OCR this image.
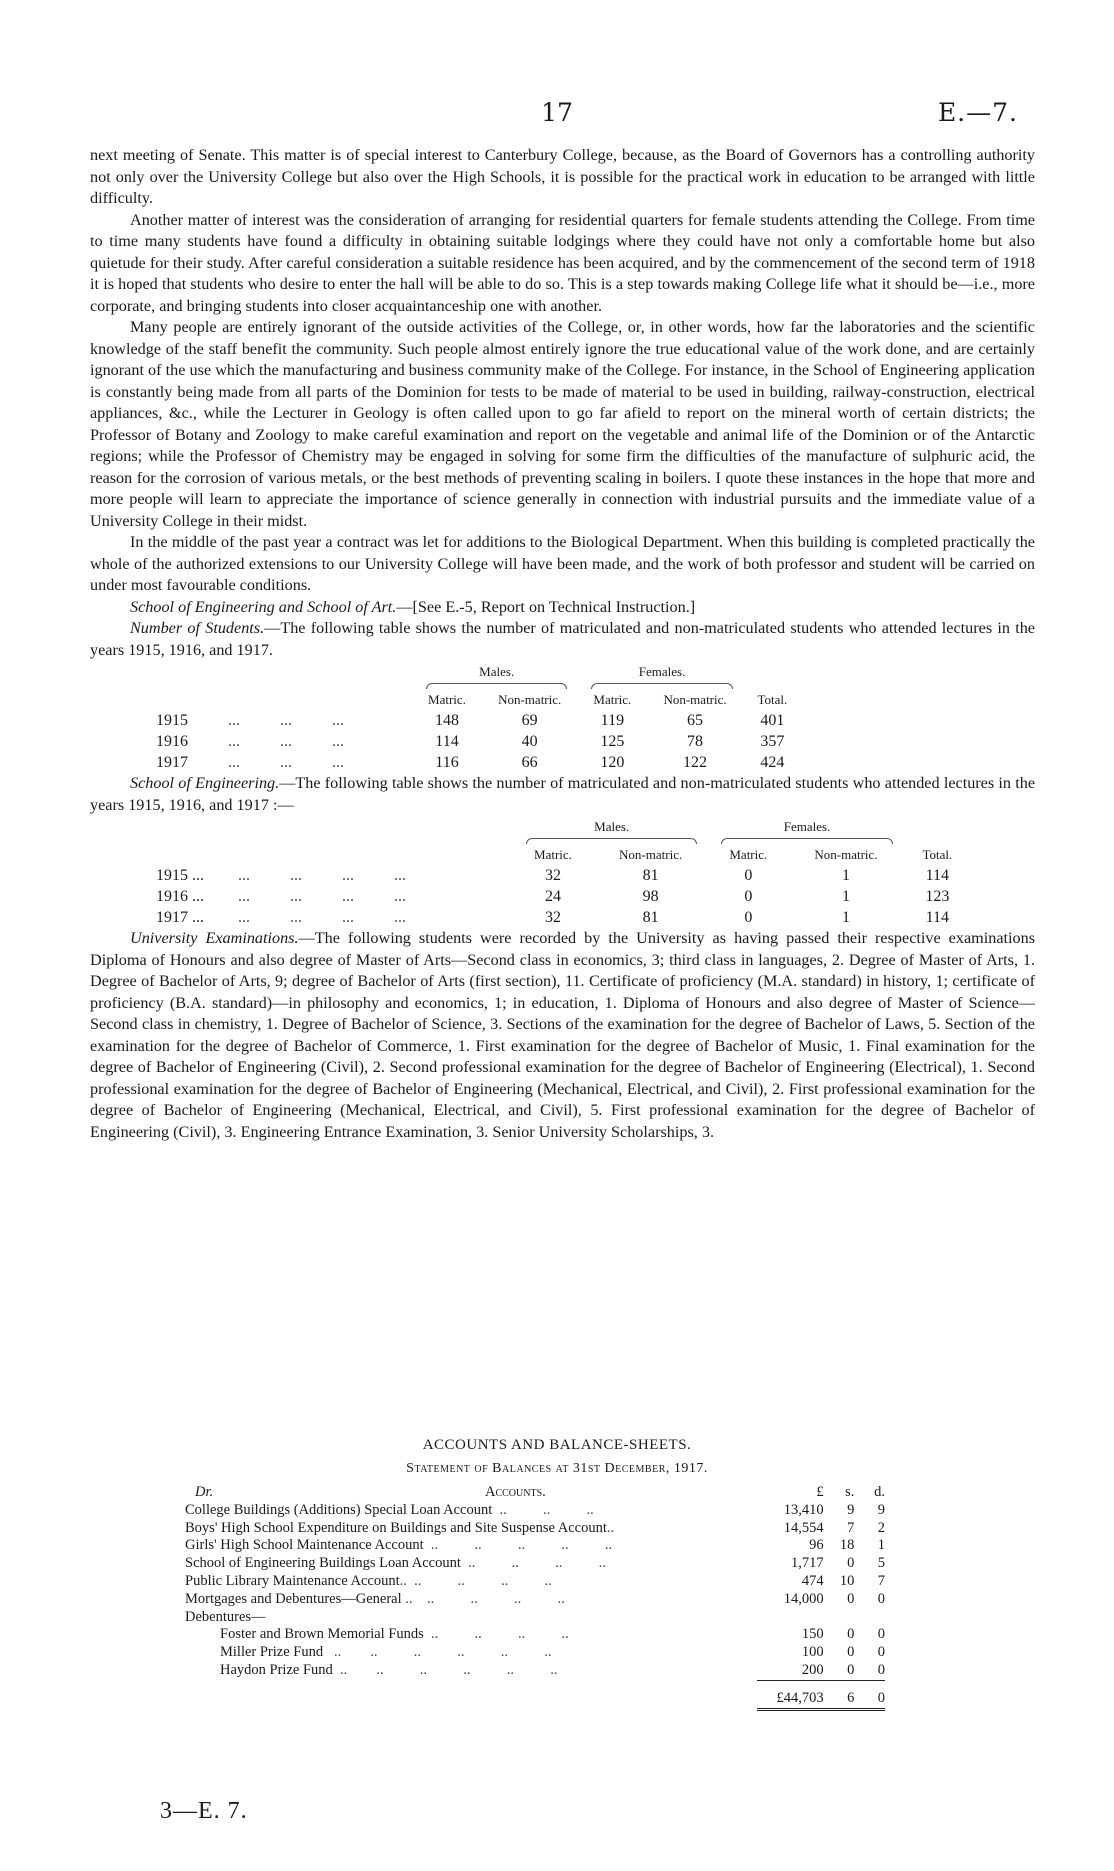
17	E.—7.

next meeting of Senate. This matter is of special interest to Canterbury College, because, as the Board of Governors has a controlling authority not only over the University College but also over the High Schools, it is possible for the practical work in education to be arranged with little difficulty.

Another matter of interest was the consideration of arranging for residential quarters for female students attending the College. From time to time many students have found a difficulty in obtaining suitable lodgings where they could have not only a comfortable home but also quietude for their study. After careful consideration a suitable residence has been acquired, and by the commencement of the second term of 1918 it is hoped that students who desire to enter the hall will be able to do so. This is a step towards making College life what it should be—i.e., more corporate, and bringing students into closer acquaintanceship one with another.

Many people are entirely ignorant of the outside activities of the College, or, in other words, how far the laboratories and the scientific knowledge of the staff benefit the community. Such people almost entirely ignore the true educational value of the work done, and are certainly ignorant of the use which the manufacturing and business community make of the College. For instance, in the School of Engineering application is constantly being made from all parts of the Dominion for tests to be made of material to be used in building, railway-construction, electrical appliances, &c., while the Lecturer in Geology is often called upon to go far afield to report on the mineral worth of certain districts; the Professor of Botany and Zoology to make careful examination and report on the vegetable and animal life of the Dominion or of the Antarctic regions; while the Professor of Chemistry may be engaged in solving for some firm the difficulties of the manufacture of sulphuric acid, the reason for the corrosion of various metals, or the best methods of preventing scaling in boilers. I quote these instances in the hope that more and more people will learn to appreciate the importance of science generally in connection with industrial pursuits and the immediate value of a University College in their midst.

In the middle of the past year a contract was let for additions to the Biological Department. When this building is completed practically the whole of the authorized extensions to our University College will have been made, and the work of both professor and student will be carried on under most favourable conditions.

School of Engineering and School of Art.—[See E.-5, Report on Technical Instruction.]

Number of Students.—The following table shows the number of matriculated and non-matriculated students who attended lectures in the years 1915, 1916, and 1917.

		Males.		Females.	

		Matric.	Non-matric.	Matric.	Non-matric.	Total.
1915	...          ...          ...	148	69	119	65	401
1916	...          ...          ...	114	40	125	78	357
1917	...          ...          ...	116	66	120	122	424

School of Engineering.—The following table shows the number of matriculated and non-matriculated students who attended lectures in the years 1915, 1916, and 1917 :—

		Males.		Females.	

		Matric.	Non-matric.	Matric.	Non-matric.	Total.
1915 ...	...          ...          ...          ...	32	81	0	1	114
1916 ...	...          ...          ...          ...	24	98	0	1	123
1917 ...	...          ...          ...          ...	32	81	0	1	114

University Examinations.—The following students were recorded by the University as having passed their respective examinations Diploma of Honours and also degree of Master of Arts—Second class in economics, 3; third class in languages, 2. Degree of Master of Arts, 1. Degree of Bachelor of Arts, 9; degree of Bachelor of Arts (first section), 11. Certificate of proficiency (M.A. standard) in history, 1; certificate of proficiency (B.A. standard)—in philosophy and economics, 1; in education, 1. Diploma of Honours and also degree of Master of Science—Second class in chemistry, 1. Degree of Bachelor of Science, 3. Sections of the examination for the degree of Bachelor of Laws, 5. Section of the examination for the degree of Bachelor of Commerce, 1. First examination for the degree of Bachelor of Music, 1. Final examination for the degree of Bachelor of Engineering (Civil), 2. Second professional examination for the degree of Bachelor of Engineering (Electrical), 1. Second professional examination for the degree of Bachelor of Engineering (Mechanical, Electrical, and Civil), 2. First professional examination for the degree of Bachelor of Engineering (Mechanical, Electrical, and Civil), 5. First professional examination for the degree of Bachelor of Engineering (Civil), 3. Engineering Entrance Examination, 3. Senior University Scholarships, 3.

ACCOUNTS AND BALANCE-SHEETS.
Statement of Balances at 31st December, 1917.
Dr. Accounts.	£	s.	d.
College Buildings (Additions) Special Loan Account  ..          ..          ..	13,410	9	9
Boys' High School Expenditure on Buildings and Site Suspense Account..	14,554	7	2
Girls' High School Maintenance Account  ..          ..          ..          ..          ..	96	18	1
School of Engineering Buildings Loan Account  ..          ..          ..          ..	1,717	0	5
Public Library Maintenance Account..  ..          ..          ..          ..	474	10	7
Mortgages and Debentures—General ..    ..          ..          ..          ..	14,000	0	0
Debentures—			
Foster and Brown Memorial Funds  ..          ..          ..          ..	150	0	0
Miller Prize Fund   ..        ..          ..          ..          ..          ..	100	0	0
Haydon Prize Fund  ..        ..          ..          ..          ..          ..	200	0	0

	£44,703	6	0
3—E. 7.
